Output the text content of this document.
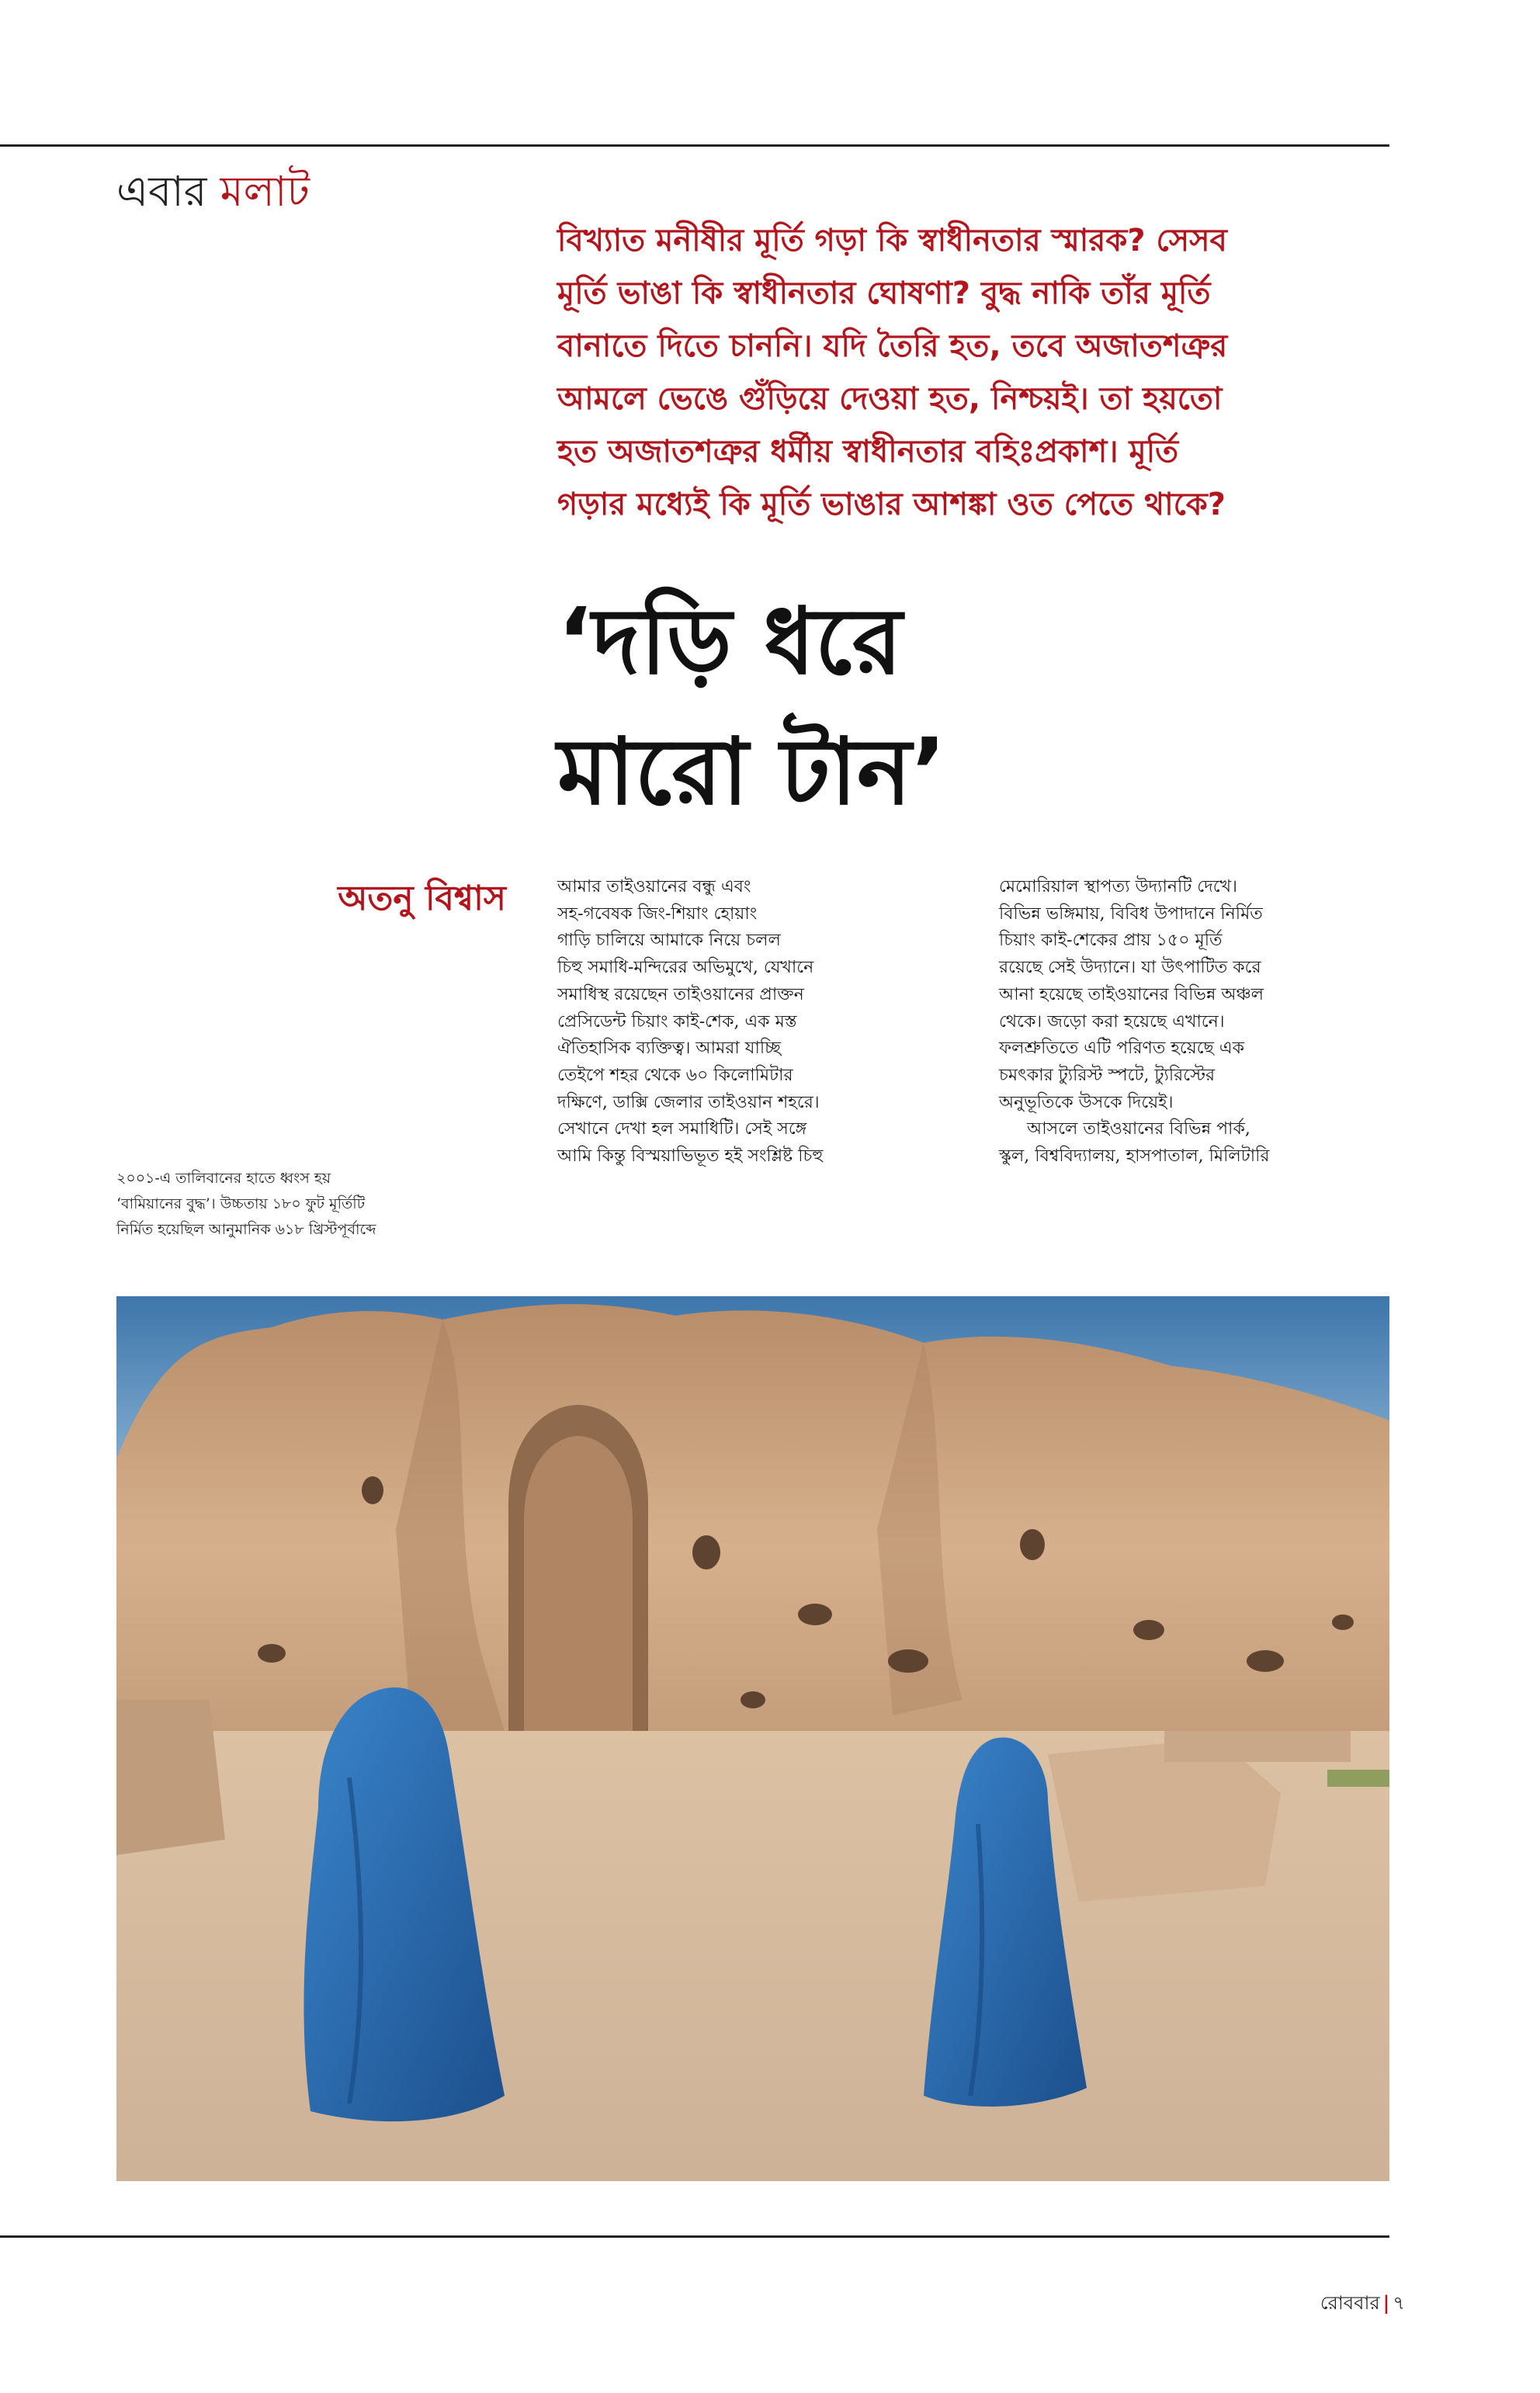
এবার মলাট
বিখ্যাত মনীষীর মূর্তি গড়া কি স্বাধীনতার স্মারক? সেসব
মূর্তি ভাঙা কি স্বাধীনতার ঘোষণা? বুদ্ধ নাকি তাঁর মূর্তি
বানাতে দিতে চাননি। যদি তৈরি হত, তবে অজাতশত্রুর
আমলে ভেঙে গুঁড়িয়ে দেওয়া হত, নিশ্চয়ই। তা হয়তো
হত অজাতশত্রুর ধর্মীয় স্বাধীনতার বহিঃপ্রকাশ। মূর্তি
গড়ার মধ্যেই কি মূর্তি ভাঙার আশঙ্কা ওত পেতে থাকে?
‘দড়ি ধরে
মারো টান’
অতনু বিশ্বাস
২০০১-এ তালিবানের হাতে ধ্বংস হয়
‘বামিয়ানের বুদ্ধ’। উচ্চতায় ১৮০ ফুট মূর্তিটি
নির্মিত হয়েছিল আনুমানিক ৬১৮ খ্রিস্টপূর্বাব্দে
আমার তাইওয়ানের বন্ধু এবং
সহ-গবেষক জিং-শিয়াং হোয়াং
গাড়ি চালিয়ে আমাকে নিয়ে চলল
চিহু সমাধি-মন্দিরের অভিমুখে, যেখানে
সমাধিস্থ রয়েছেন তাইওয়ানের প্রাক্তন
প্রেসিডেন্ট চিয়াং কাই-শেক, এক মস্ত
ঐতিহাসিক ব্যক্তিত্ব। আমরা যাচ্ছি
তেইপে শহর থেকে ৬০ কিলোমিটার
দক্ষিণে, ডাক্সি জেলার তাইওয়ান শহরে।
সেখানে দেখা হল সমাধিটি। সেই সঙ্গে
আমি কিন্তু বিস্ময়াভিভূত হই সংশ্লিষ্ট চিহু
মেমোরিয়াল স্থাপত্য উদ্যানটি দেখে।
বিভিন্ন ভঙ্গিমায়, বিবিধ উপাদানে নির্মিত
চিয়াং কাই-শেকের প্রায় ১৫০ মূর্তি
রয়েছে সেই উদ্যানে। যা উৎপাটিত করে
আনা হয়েছে তাইওয়ানের বিভিন্ন অঞ্চল
থেকে। জড়ো করা হয়েছে এখানে।
ফলশ্রুতিতে এটি পরিণত হয়েছে এক
চমৎকার ট্যুরিস্ট স্পটে, ট্যুরিস্টের
অনুভূতিকে উসকে দিয়েই।
আসলে তাইওয়ানের বিভিন্ন পার্ক,
স্কুল, বিশ্ববিদ্যালয়, হাসপাতাল, মিলিটারি
রোববার | ৭
